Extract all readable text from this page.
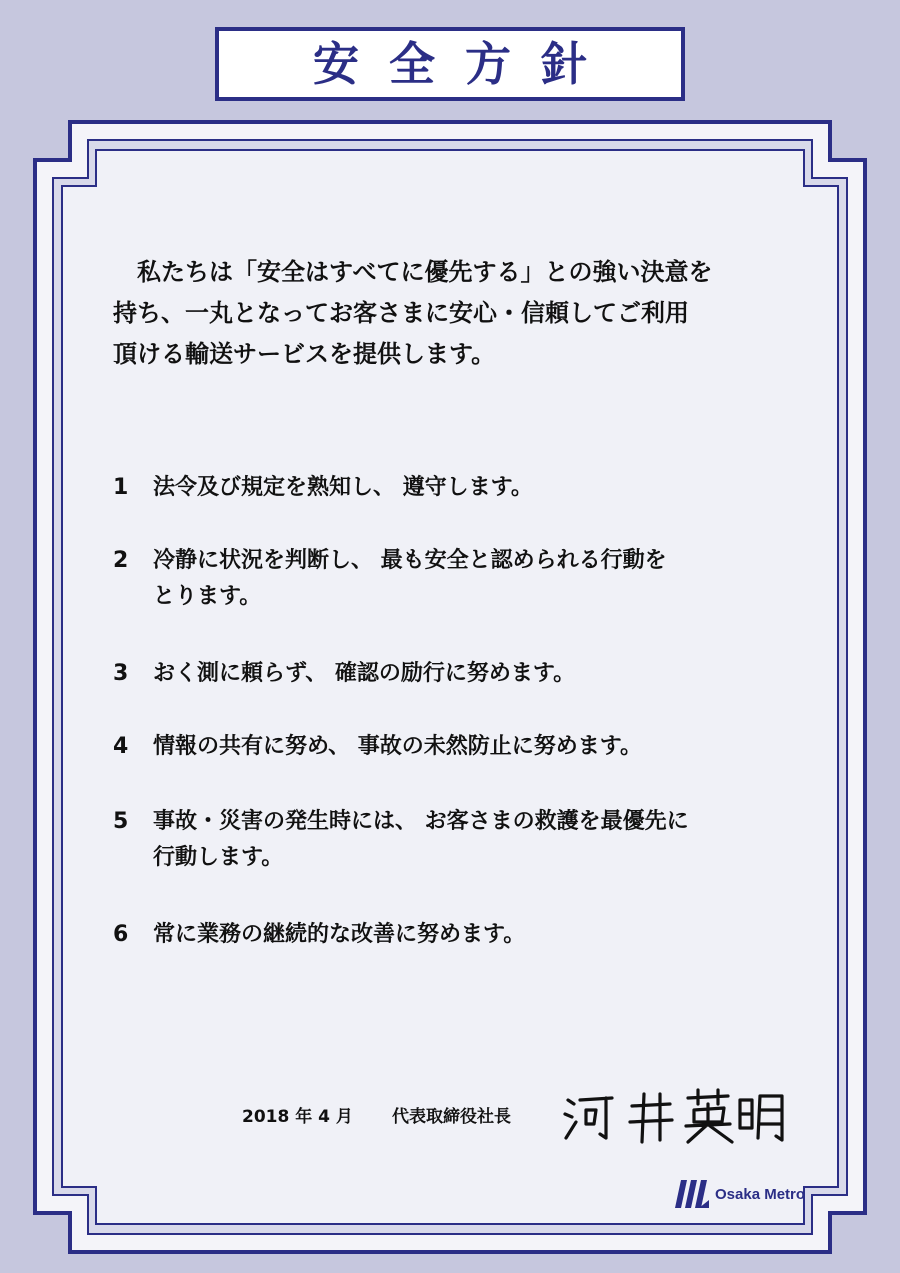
安全方針

　私たちは「安全はすべてに優先する」との強い決意を
持ち、一丸となってお客さまに安心・信頼してご利用
頂ける輸送サービスを提供します。

1	法令及び規定を熟知し、 遵守します。
2	冷静に状況を判断し、 最も安全と認められる行動を
とります。
3	おく測に頼らず、 確認の励行に努めます。
4	情報の共有に努め、 事故の未然防止に努めます。
5	事故・災害の発生時には、 お客さまの救護を最優先に
行動します。
6	常に業務の継続的な改善に努めます。
2018 年 4 月 代表取締役社長
Osaka Metro
